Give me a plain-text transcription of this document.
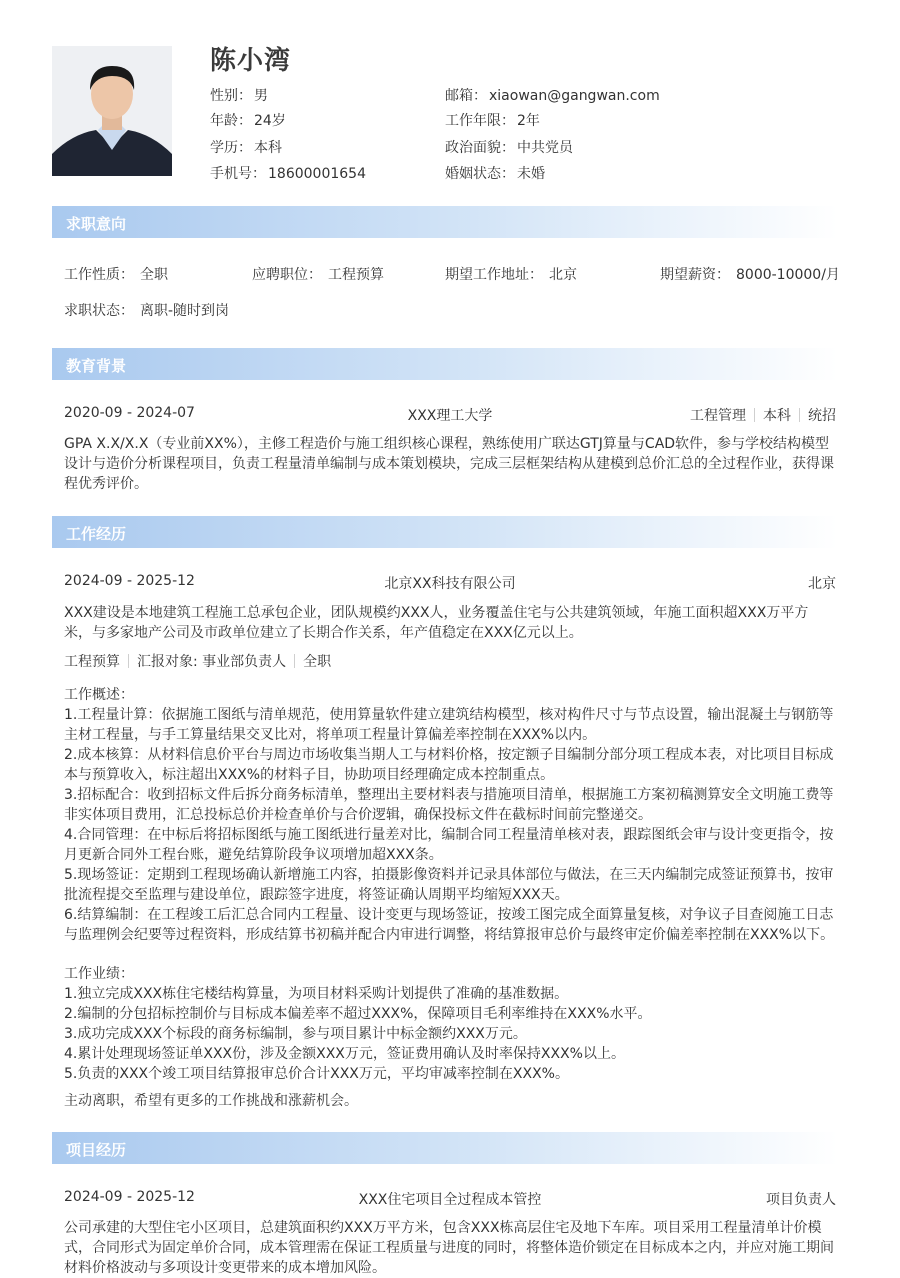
陈小湾
性别： 男
年龄： 24岁
学历： 本科
手机号： 18600001654
邮箱： xiaowan@gangwan.com
工作年限： 2年
政治面貌： 中共党员
婚姻状态： 未婚
求职意向
工作性质： 全职	应聘职位： 工程预算	期望工作地址： 北京	期望薪资： 8000-10000/月
求职状态： 离职-随时到岗
教育背景
2020-09 - 2024-07	XXX理工大学	工程管理 本科 统招
GPA X.X/X.X（专业前XX%），主修工程造价与施工组织核心课程，熟练使用广联达GTJ算量与CAD软件，参与学校结构模型设计与造价分析课程项目，负责工程量清单编制与成本策划模块，完成三层框架结构从建模到总价汇总的全过程作业，获得课程优秀评价。
工作经历
2024-09 - 2025-12	北京XX科技有限公司	北京
XXX建设是本地建筑工程施工总承包企业，团队规模约XXX人，业务覆盖住宅与公共建筑领域，年施工面积超XXX万平方米，与多家地产公司及市政单位建立了长期合作关系，年产值稳定在XXX亿元以上。
工程预算 汇报对象: 事业部负责人 全职

工作概述：

1.工程量计算：依据施工图纸与清单规范，使用算量软件建立建筑结构模型，核对构件尺寸与节点设置，输出混凝土与钢筋等主材工程量，与手工算量结果交叉比对，将单项工程量计算偏差率控制在XXX%以内。

2.成本核算：从材料信息价平台与周边市场收集当期人工与材料价格，按定额子目编制分部分项工程成本表，对比项目目标成本与预算收入，标注超出XXX%的材料子目，协助项目经理确定成本控制重点。

3.招标配合：收到招标文件后拆分商务标清单，整理出主要材料表与措施项目清单，根据施工方案初稿测算安全文明施工费等非实体项目费用，汇总投标总价并检查单价与合价逻辑，确保投标文件在截标时间前完整递交。

4.合同管理：在中标后将招标图纸与施工图纸进行量差对比，编制合同工程量清单核对表，跟踪图纸会审与设计变更指令，按月更新合同外工程台账，避免结算阶段争议项增加超XXX条。

5.现场签证：定期到工程现场确认新增施工内容，拍摄影像资料并记录具体部位与做法，在三天内编制完成签证预算书，按审批流程提交至监理与建设单位，跟踪签字进度，将签证确认周期平均缩短XXX天。

6.结算编制：在工程竣工后汇总合同内工程量、设计变更与现场签证，按竣工图完成全面算量复核，对争议子目查阅施工日志与监理例会纪要等过程资料，形成结算书初稿并配合内审进行调整，将结算报审总价与最终审定价偏差率控制在XXX%以下。

工作业绩：

1.独立完成XXX栋住宅楼结构算量，为项目材料采购计划提供了准确的基准数据。

2.编制的分包招标控制价与目标成本偏差率不超过XXX%，保障项目毛利率维持在XXX%水平。

3.成功完成XXX个标段的商务标编制，参与项目累计中标金额约XXX万元。

4.累计处理现场签证单XXX份，涉及金额XXX万元，签证费用确认及时率保持XXX%以上。

5.负责的XXX个竣工项目结算报审总价合计XXX万元，平均审减率控制在XXX%。

主动离职，希望有更多的工作挑战和涨薪机会。
项目经历
2024-09 - 2025-12	XXX住宅项目全过程成本管控	项目负责人
公司承建的大型住宅小区项目，总建筑面积约XXX万平方米，包含XXX栋高层住宅及地下车库。项目采用工程量清单计价模式，合同形式为固定单价合同，成本管理需在保证工程质量与进度的同时，将整体造价锁定在目标成本之内，并应对施工期间材料价格波动与多项设计变更带来的成本增加风险。
